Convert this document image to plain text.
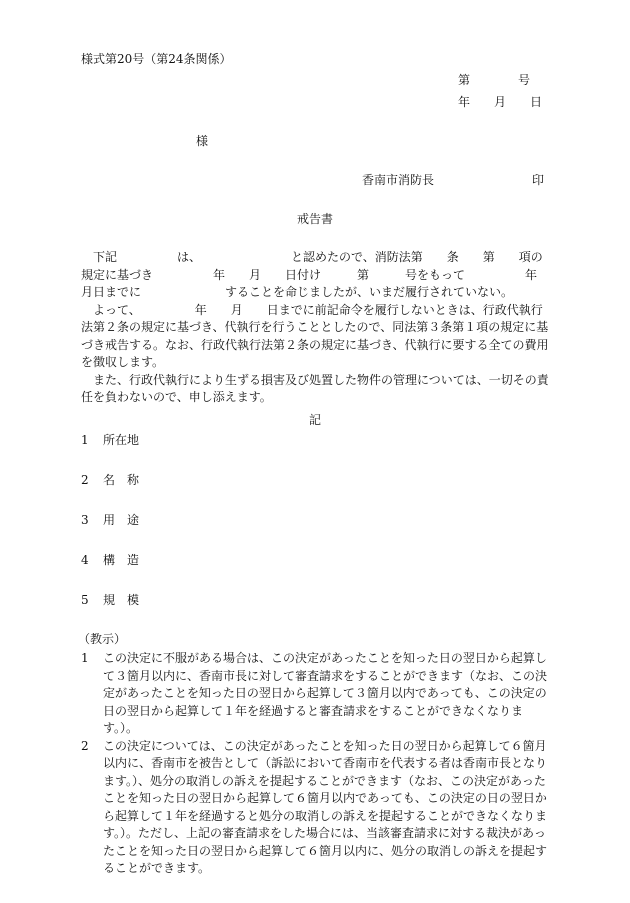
様式第20号（第24条関係）
第　　　　号
年　　月　　日
様
香南市消防長	印
戒告書

　下記　　　　　は、　　　　　　　　と認めたので、消防法第　　条　　第　　項の規定に基づき　　　　　年　　月　　日付け　　　第　　　号をもって　　　　　年　　月日までに　　　　　　　することを命じましたが、いまだ履行されていない。

　よって、　　　　　年　　月　　日までに前記命令を履行しないときは、行政代執行法第２条の規定に基づき、代執行を行うこととしたので、同法第３条第１項の規定に基づき戒告する。なお、行政代執行法第２条の規定に基づき、代執行に要する全ての費用を徴収します。

　また、行政代執行により生ずる損害及び処置した物件の管理については、一切その責任を負わないので、申し添えます。

記
1 所在地
2 名称
3 用途
4 構造
5 規模
（教示）
1	この決定に不服がある場合は、この決定があったことを知った日の翌日から起算して３箇月以内に、香南市長に対して審査請求をすることができます（なお、この決定があったことを知った日の翌日から起算して３箇月以内であっても、この決定の日の翌日から起算して１年を経過すると審査請求をすることができなくなります。）。
2	この決定については、この決定があったことを知った日の翌日から起算して６箇月以内に、香南市を被告として（訴訟において香南市を代表する者は香南市長となります。）、処分の取消しの訴えを提起することができます（なお、この決定があったことを知った日の翌日から起算して６箇月以内であっても、この決定の日の翌日から起算して１年を経過すると処分の取消しの訴えを提起することができなくなります。）。ただし、上記の審査請求をした場合には、当該審査請求に対する裁決があったことを知った日の翌日から起算して６箇月以内に、処分の取消しの訴えを提起することができます。
